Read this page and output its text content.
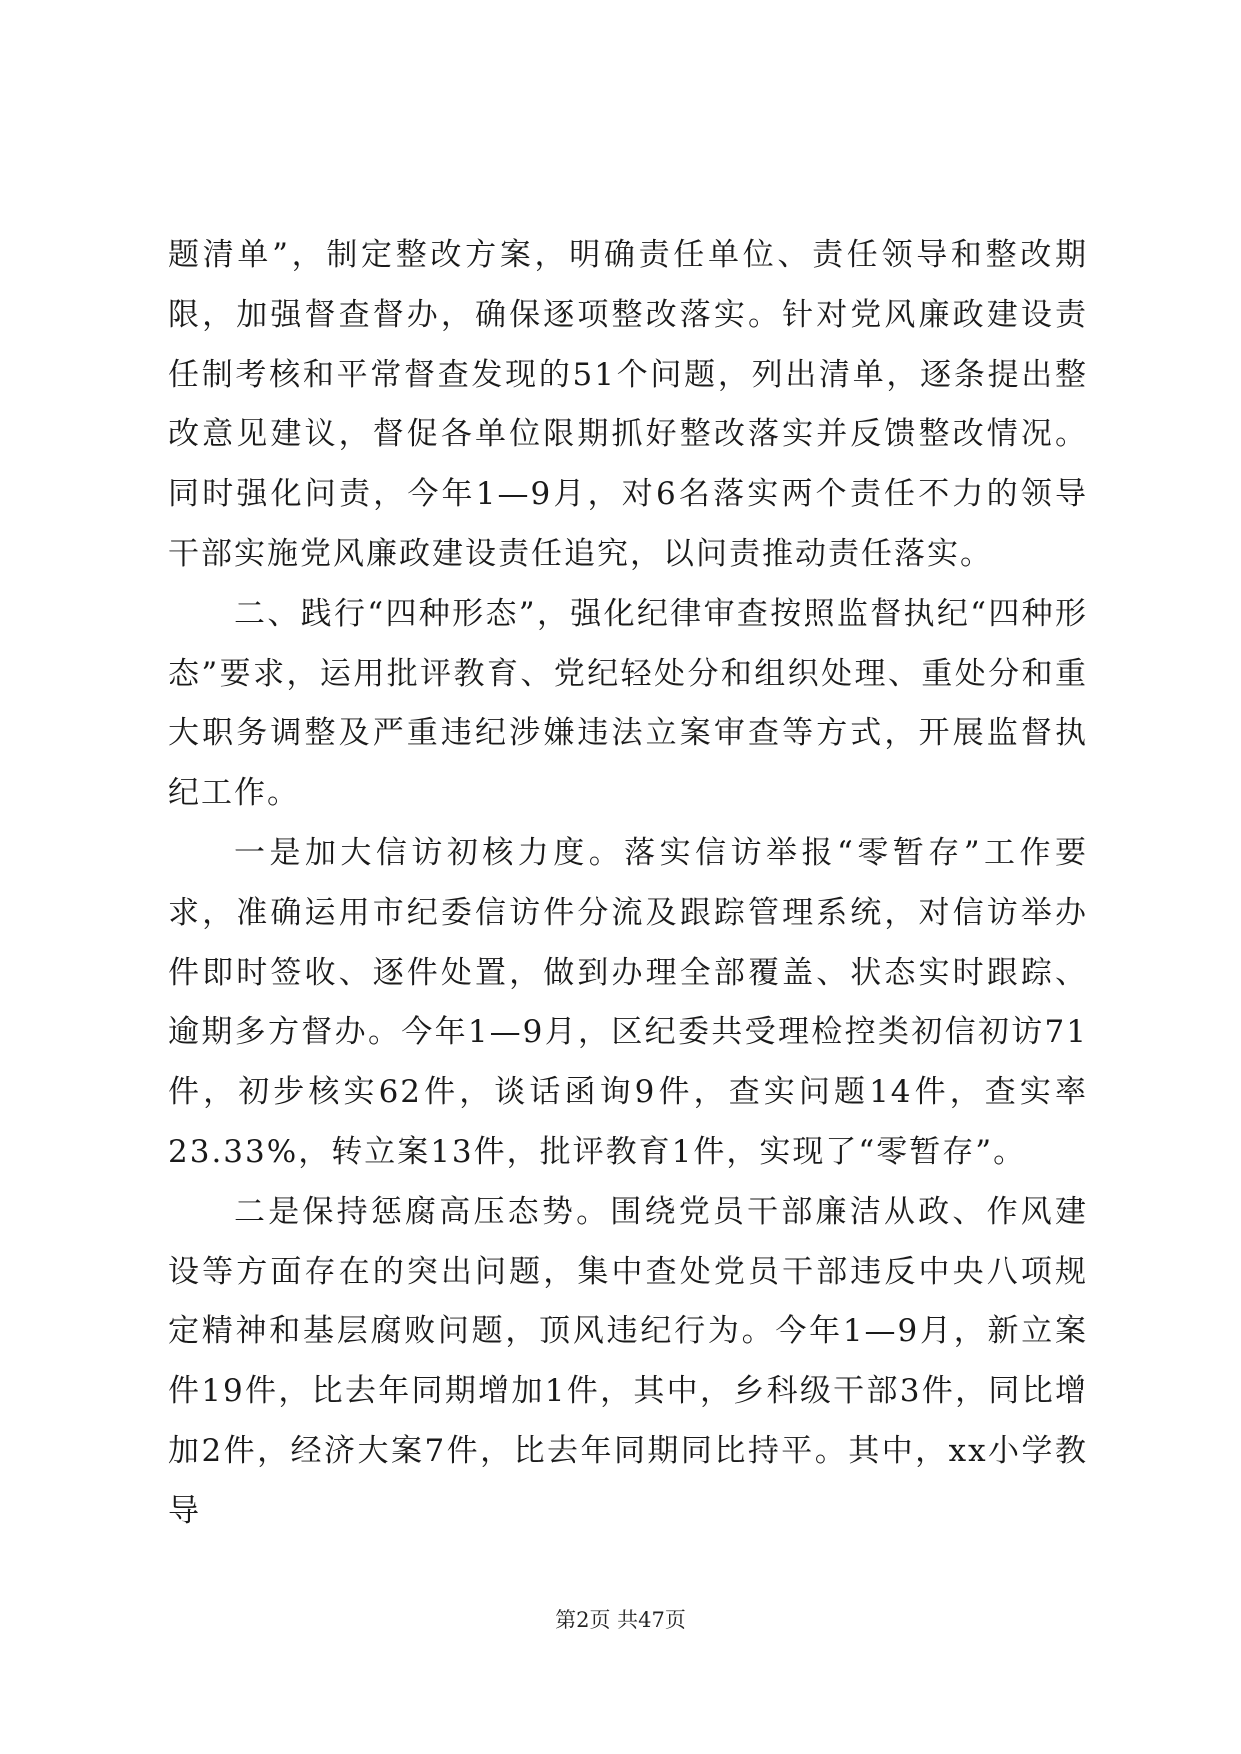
题清单”，制定整改方案，明确责任单位、责任领导和整改期限，加强督查督办，确保逐项整改落实。针对党风廉政建设责任制考核和平常督查发现的51个问题，列出清单，逐条提出整改意见建议，督促各单位限期抓好整改落实并反馈整改情况。同时强化问责，今年1—9月，对6名落实两个责任不力的领导干部实施党风廉政建设责任追究，以问责推动责任落实。

二、践行“四种形态”，强化纪律审查按照监督执纪“四种形态”要求，运用批评教育、党纪轻处分和组织处理、重处分和重大职务调整及严重违纪涉嫌违法立案审查等方式，开展监督执纪工作。

一是加大信访初核力度。落实信访举报“零暂存”工作要求，准确运用市纪委信访件分流及跟踪管理系统，对信访举办件即时签收、逐件处置，做到办理全部覆盖、状态实时跟踪、逾期多方督办。今年1—9月，区纪委共受理检控类初信初访71件，初步核实62件，谈话函询9件，查实问题14件，查实率23.33%，转立案13件，批评教育1件，实现了“零暂存”。

二是保持惩腐高压态势。围绕党员干部廉洁从政、作风建设等方面存在的突出问题，集中查处党员干部违反中央八项规定精神和基层腐败问题，顶风违纪行为。今年1—9月，新立案件19件，比去年同期增加1件，其中，乡科级干部3件，同比增加2件，经济大案7件，比去年同期同比持平。其中，xx小学教导

第2页 共47页
